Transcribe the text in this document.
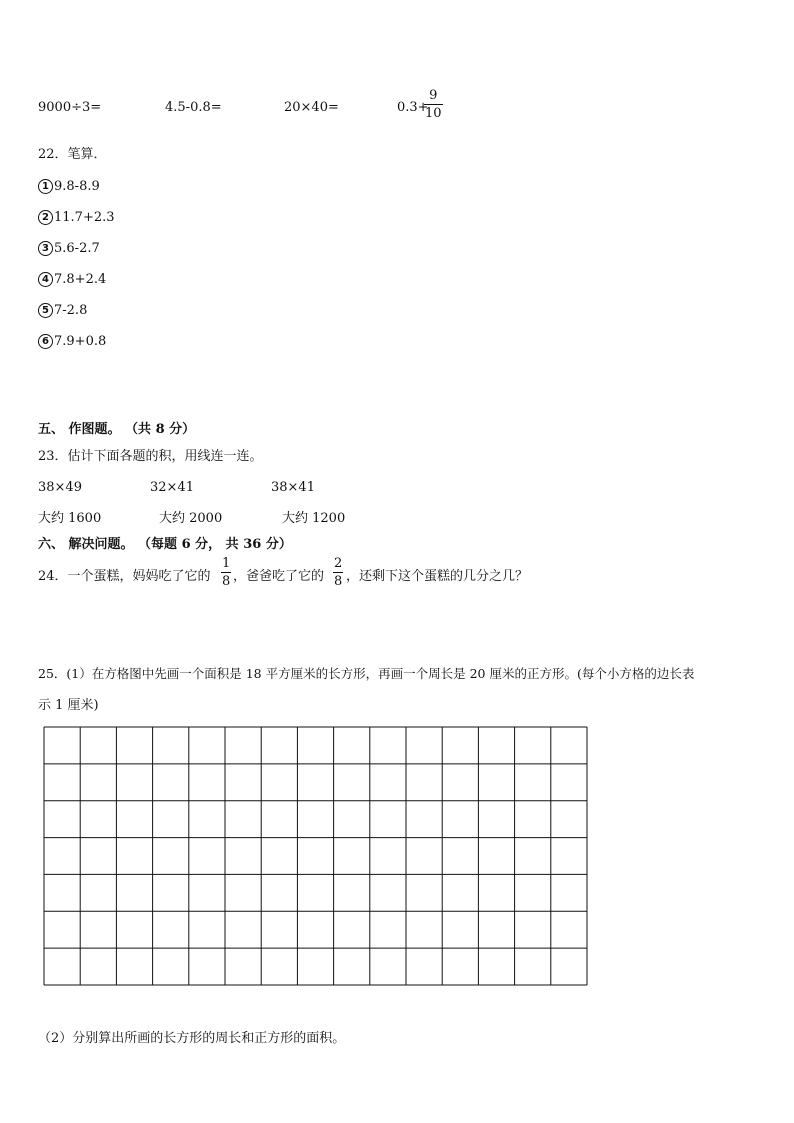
9000÷3=	4.5-0.8=	20×40=	0.3+
9
10
22．笔算．
1 9.8-8.9
2 11.7+2.3
3 5.6-2.7
4 7.8+2.4
5 7-2.8
6 7.9+0.8
五、 作图题。 （共 8 分）
23．估计下面各题的积，用线连一连。
38×49	32×41	38×41
大约 1600	大约 2000	大约 1200
六、 解决问题。 （每题 6 分， 共 36 分）
24．一个蛋糕，妈妈吃了它的
1
8 ，爸爸吃了它的
2
8 ，还剩下这个蛋糕的几分之几？
25．(1）在方格图中先画一个面积是 18 平方厘米的长方形，再画一个周长是 20 厘米的正方形。(每个小方格的边长表
示 1 厘米)
（2）分别算出所画的长方形的周长和正方形的面积。
